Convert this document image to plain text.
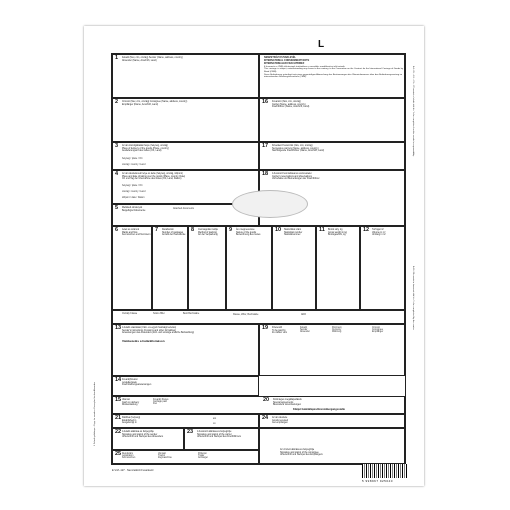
L
1 Feladó példánya • Copy for sender • Exemplar für den Absender
A 1–15 + 19 + 21 + 22 rovatot a feladó tölti ki • To be completed on the sender's responsibility
A 16–24 rovatot a fuvarozó tölti ki • To be completed by the carrier
1 Feladó (Név, cím, ország) Sender (Name, address, country)
Absender (Name, Anschrift, Land)
NEMZETKÖZI FUVARLEVÉL
INTERNATIONAL CONSIGNMENT NOTE
INTERNATIONALER FRACHTBRIEF
E fuvarozás a CMR előírásainak értelmében a szerződés rendelkezései alá tartozik.
This carriage is subject, notwithstanding any clause to the contrary, to the Convention on the Contract for the International Carriage of Goods by Road (CMR).
Diese Beförderung unterliegt trotz einer gegenteiligen Abmachung den Bestimmungen des Übereinkommens über den Beförderungsvertrag im internationalen Straßengüterverkehr (CMR).
2 Címzett (Név, cím, ország) Consignee (Name, address, country)
Empfänger (Name, Anschrift, Land)	16 Fuvarozó (Név, cím, ország)
Carrier (Name, address, country)
Frachtführer (Name, Anschrift, Land)
3 Az áru kiszolgáltatási helye (helység, ország)
Place of delivery of the goods (Place, country)
Auslieferungsort des Gutes (Ort, Land)
helység / place / Ort
ország / country / Land
17 Következő fuvarozók (Név, cím, ország)
Successive carriers (Name, address, country)
Nachfolgende Frachtführer (Name, Anschrift, Land)
4 Az áru átvételének helye és kelte (helység, ország, időpont)
Place and date of taking over the goods (Place, country, Date)
Ort und Tag der Übernahme des Gutes (Ort, Land, Datum)
helység / place / Ort
ország / country / Land
időpont / date / Datum
18 A fuvarozó fenntartásai és észrevételei
Carrier's reservations and observations
Vorbehalte und Bemerkungen der Frachtführer
5 Mellékelt okmányok
Beigefügte Dokumente
Attached documents
6 Jelek és számok
Marks and Nos
Kennzeichen und Nummern
7 Darabszám
Number of packages
Anzahl der Packstücke
8 Csomagolás módja
Method of packing
Art der Verpackung
9 Áru megnevezése
Nature of the goods
Bezeichnung des Gutes
10 Statisztikai szám
Statistical number
Statistiknummer
11 Bruttó súly, kg
Gross weight in kg
Bruttogewicht, kg
12 Térfogat m³
Volume in m³
Umfang in m³
Osztály Klasse	Szám Ziffer	Betű Buchstabe	Klasse, Ziffer, Buchstabe	ADR
13 A feladó utasításai (Vám- és egyéb hatósági kezelés)
Sender's instructions (Customs and other formalities)
Anweisungen des Absenders (Zoll- und sonstige amtliche Behandlung)
Vámkezelés a határállomáson
19 Fizetendő
To be paid by
Zu zahlen vom
Feladó
Sender
Absender
Pénznem
Currency
Währung
Címzett
Consignee
Empfänger
14 Fuvardíjfizetési
rendelkezések
Frachtzahlungsanweisungen
15 Utánvét
Cash on delivery
Rückerstattung
Fuvardíj fizetve
Carriage paid
Frei
20 Különleges megállapodások
Special agreements
Besondere Vereinbarungen
Kilépő határátlépés/Grenzübergangsstelle
21 Kiállítva (helység)
Established in
Ausgefertigt in
am
on
24 Az áru átvétele
Goods received
Gut empfangen
22 A feladó aláírása és bélyegzője
Signature and stamp of the sender
Unterschrift und Stempel des Absenders
23 A fuvarozó aláírása és bélyegzője
Signature and stamp of the carrier
Unterschrift und Stempel des Frachtführers
Az címzett aláírása és bélyegzője
Signature and stamp of the consignee
Unterschrift und Stempel des Empfängers
25 Rendszám
registration
Kennzeichen
Vontató
Tractor
Zugmaschine
Pótkocsi
Trailer
Anhänger
E.V.M.-127 · Nemzetközi Fuvarlevél
5 998967 925040
